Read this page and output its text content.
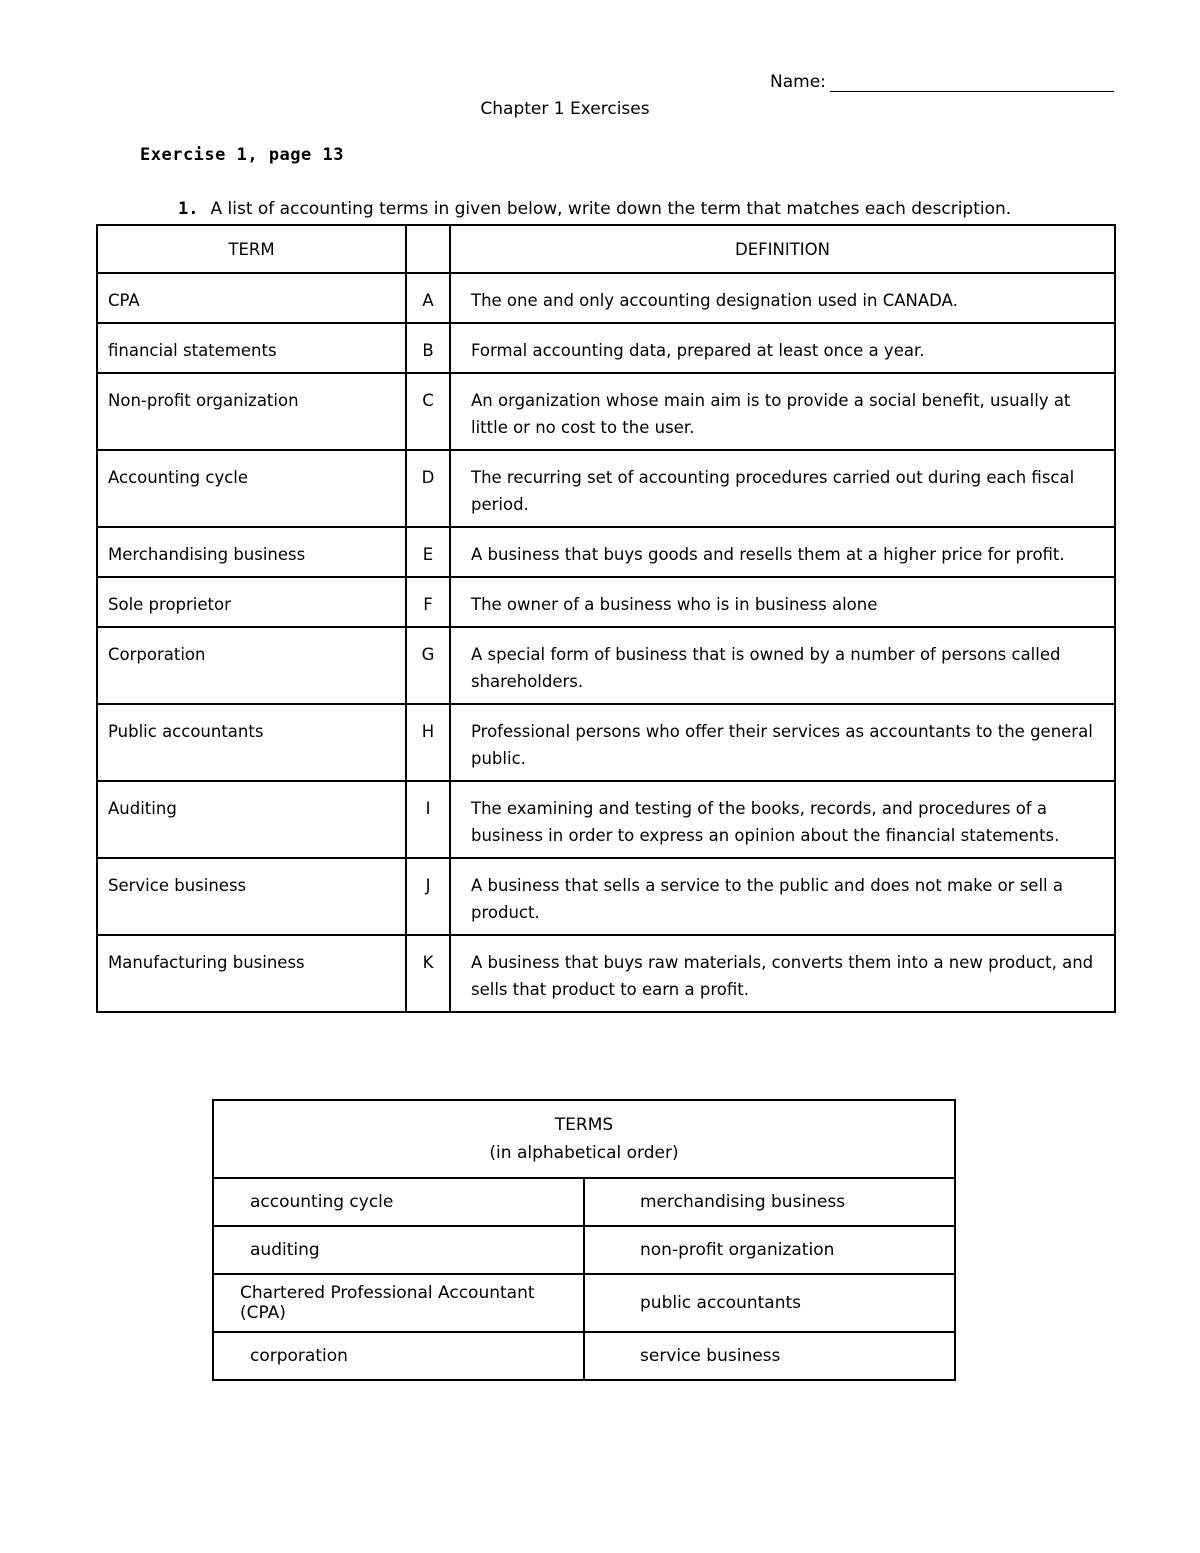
Name:
Chapter 1 Exercises
Exercise 1, page 13
1. A list of accounting terms in given below, write down the term that matches each description.
TERM		DEFINITION
CPA	A	The one and only accounting designation used in CANADA.
financial statements	B	Formal accounting data, prepared at least once a year.
Non-profit organization	C	An organization whose main aim is to provide a social benefit, usually at little or no cost to the user.
Accounting cycle	D	The recurring set of accounting procedures carried out during each fiscal period.
Merchandising business	E	A business that buys goods and resells them at a higher price for profit.
Sole proprietor	F	The owner of a business who is in business alone
Corporation	G	A special form of business that is owned by a number of persons called shareholders.
Public accountants	H	Professional persons who offer their services as accountants to the general public.
Auditing	I	The examining and testing of the books, records, and procedures of a business in order to express an opinion about the financial statements.
Service business	J	A business that sells a service to the public and does not make or sell a product.
Manufacturing business	K	A business that buys raw materials, converts them into a new product, and sells that product to earn a profit.
TERMS
(in alphabetical order)	

accounting cycle	merchandising business
auditing	non-profit organization
Chartered Professional Accountant (CPA)	public accountants
corporation	service business
